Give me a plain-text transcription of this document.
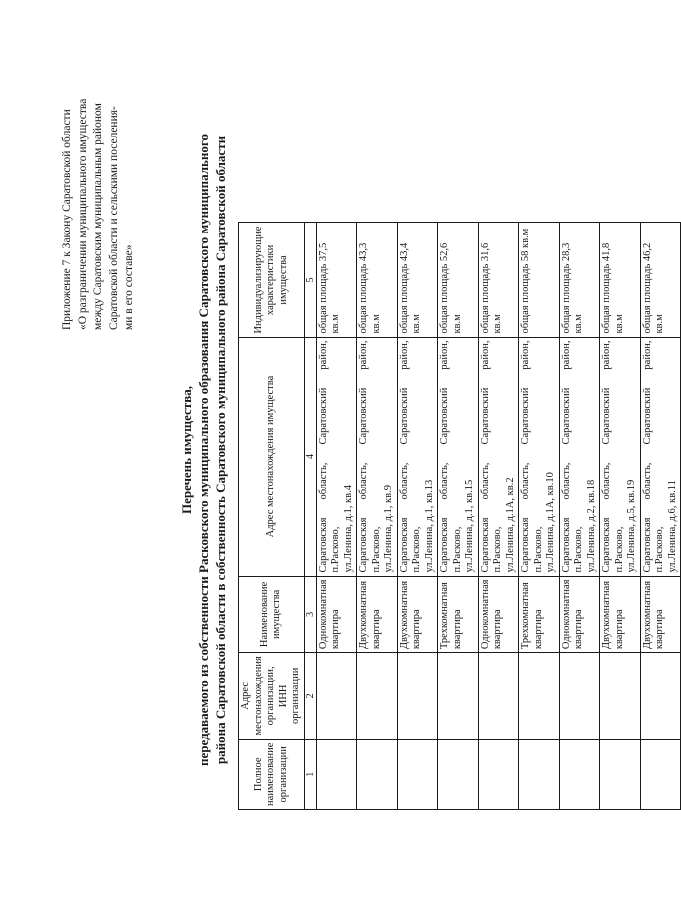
Приложение 7 к Закону Саратовской области «О разграничении муниципального имущества между Саратовским муниципальным районом Саратовской области и сельскими поселения- ми в его составе»
Перечень имущества, передаваемого из собственности Расковского муниципального образования Саратовского муниципального района Саратовской области в собственность Саратовского муниципального района Саратовской области
Полное наименование организации	Адрес местонахождения организации, ИНН организации	Наименование имущества	Адрес местонахождения имущества	Индивидуализирующие характеристики имущества
1	2	3	4	5
		Однокомнатная квартира	Саратовская область, Саратовский район, п.Расково, ул.Ленина, д.1, кв.4	общая площадь 37,5 кв.м
		Двухкомнатная квартира	Саратовская область, Саратовский район, п.Расково, ул.Ленина, д.1, кв.9	общая площадь 43,3 кв.м
		Двухкомнатная квартира	Саратовская область, Саратовский район, п.Расково, ул.Ленина, д.1, кв.13	общая площадь 43,4 кв.м
		Трехкомнатная квартира	Саратовская область, Саратовский район, п.Расково, ул.Ленина, д.1, кв.15	общая площадь 52,6 кв.м
		Однокомнатная квартира	Саратовская область, Саратовский район, п.Расково, ул.Ленина, д.1А, кв.2	общая площадь 31,6 кв.м
		Трехкомнатная квартира	Саратовская область, Саратовский район, п.Расково, ул.Ленина, д.1А, кв.10	общая площадь 58 кв.м
		Однокомнатная квартира	Саратовская область, Саратовский район, п.Расково, ул.Ленина, д.2, кв.18	общая площадь 28,3 кв.м
		Двухкомнатная квартира	Саратовская область, Саратовский район, п.Расково, ул.Ленина, д.5, кв.19	общая площадь 41,8 кв.м
		Двухкомнатная квартира	Саратовская область, Саратовский район, п.Расково, ул.Ленина, д.6, кв.11	общая площадь 46,2 кв.м
